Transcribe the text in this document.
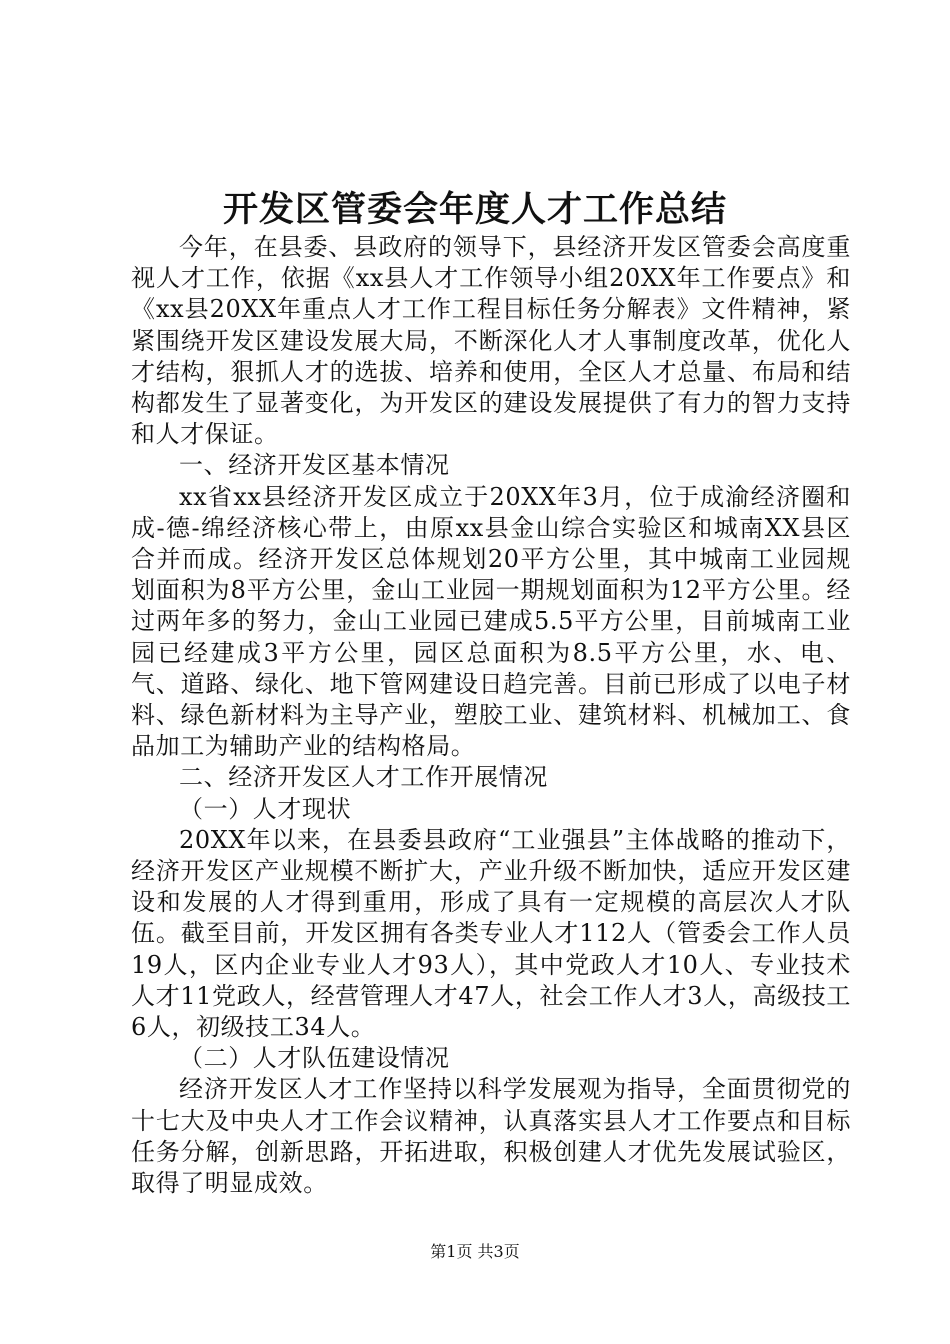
开发区管委会年度人才工作总结

今年，在县委、县政府的领导下，县经济开发区管委会高度重视人才工作，依据《xx县人才工作领导小组20XX年工作要点》和《xx县20XX年重点人才工作工程目标任务分解表》文件精神，紧紧围绕开发区建设发展大局，不断深化人才人事制度改革，优化人才结构，狠抓人才的选拔、培养和使用，全区人才总量、布局和结构都发生了显著变化，为开发区的建设发展提供了有力的智力支持和人才保证。

一、经济开发区基本情况

xx省xx县经济开发区成立于20XX年3月，位于成渝经济圈和成-德-绵经济核心带上，由原xx县金山综合实验区和城南XX县区合并而成。经济开发区总体规划20平方公里，其中城南工业园规划面积为8平方公里，金山工业园一期规划面积为12平方公里。经过两年多的努力，金山工业园已建成5.5平方公里，目前城南工业园已经建成3平方公里，园区总面积为8.5平方公里，水、电、气、道路、绿化、地下管网建设日趋完善。目前已形成了以电子材料、绿色新材料为主导产业，塑胶工业、建筑材料、机械加工、食品加工为辅助产业的结构格局。

二、经济开发区人才工作开展情况

（一）人才现状

20XX年以来，在县委县政府“工业强县”主体战略的推动下，经济开发区产业规模不断扩大，产业升级不断加快，适应开发区建设和发展的人才得到重用，形成了具有一定规模的高层次人才队伍。截至目前，开发区拥有各类专业人才112人（管委会工作人员19人，区内企业专业人才93人），其中党政人才10人、专业技术人才11党政人，经营管理人才47人，社会工作人才3人，高级技工6人，初级技工34人。

（二）人才队伍建设情况

经济开发区人才工作坚持以科学发展观为指导，全面贯彻党的十七大及中央人才工作会议精神，认真落实县人才工作要点和目标任务分解，创新思路，开拓进取，积极创建人才优先发展试验区，取得了明显成效。

第1页 共3页
